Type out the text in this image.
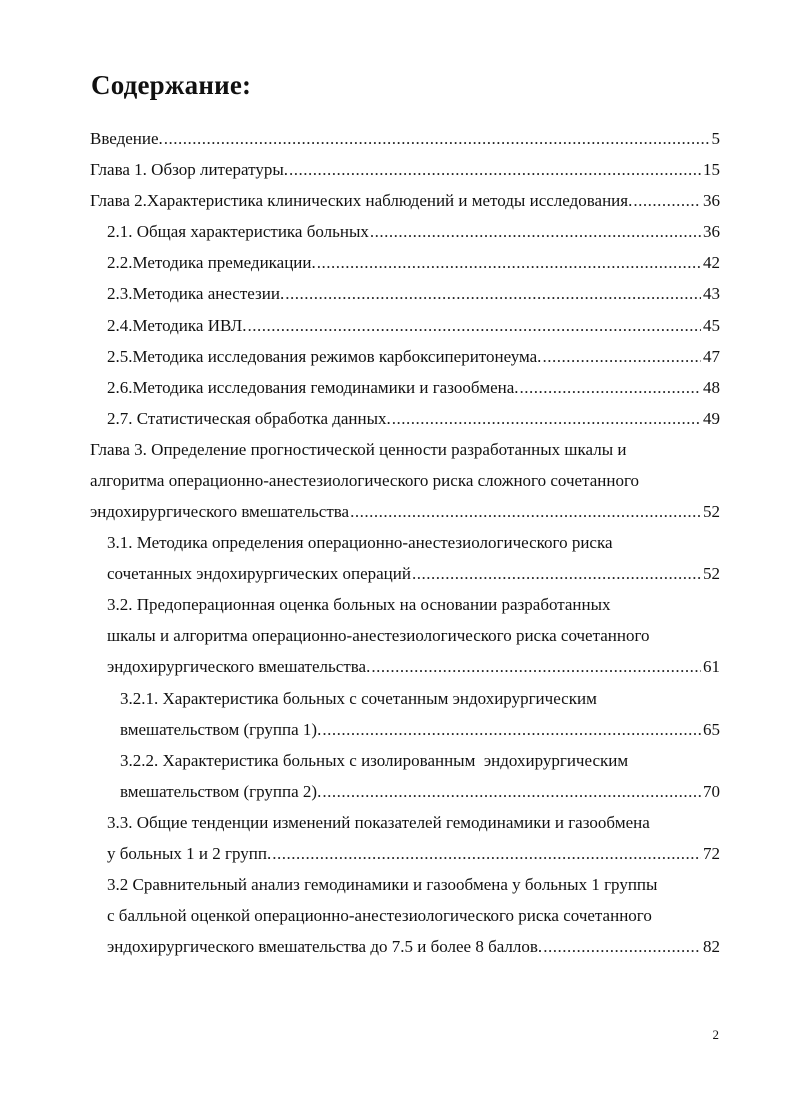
Содержание:
Введение. .....	5
Глава 1. Обзор литературы. .....	15
Глава 2.Характеристика клинических наблюдений и методы исследования. .....	36
2.1. Общая характеристика больных .....	36
2.2.Методика премедикации. .....	42
2.3.Методика анестезии. .....	43
2.4.Методика ИВЛ. .....	45
2.5.Методика исследования режимов карбоксиперитонеума. .....	47
2.6.Методика исследования гемодинамики и газообмена. .....	48
2.7. Статистическая обработка данных. .....	49
Глава 3. Определение прогностической ценности разработанных шкалы и
алгоритма операционно-анестезиологического риска сложного сочетанного
эндохирургического вмешательства .....	52
3.1. Методика определения операционно-анестезиологического риска
сочетанных эндохирургических операций .....	52
3.2. Предоперационная оценка больных на основании разработанных
шкалы и алгоритма операционно-анестезиологического риска сочетанного
эндохирургического вмешательства. .....	61
3.2.1. Характеристика больных с сочетанным эндохирургическим
вмешательством (группа 1). .....	65
3.2.2. Характеристика больных с изолированным  эндохирургическим
вмешательством (группа 2). .....	70
3.3. Общие тенденции изменений показателей гемодинамики и газообмена
у больных 1 и 2 групп. .....	72
3.2 Сравнительный анализ гемодинамики и газообмена у больных 1 группы
с балльной оценкой операционно-анестезиологического риска сочетанного
эндохирургического вмешательства до 7.5 и более 8 баллов. .....	82
2
